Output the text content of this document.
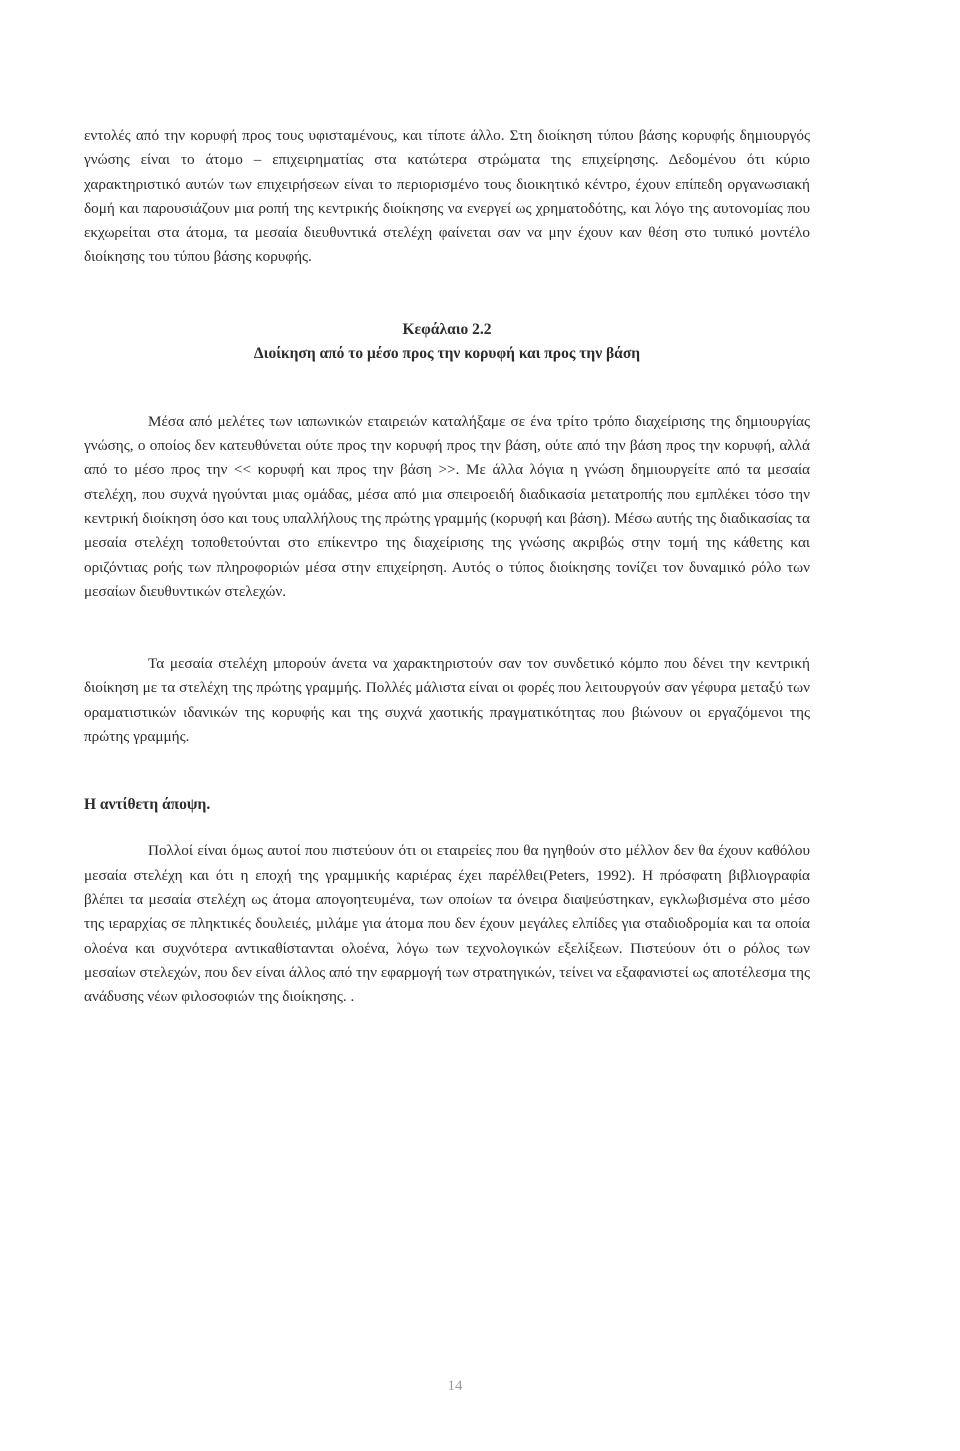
εντολές από την κορυφή προς τους υφισταμένους, και τίποτε άλλο. Στη διοίκηση τύπου βάσης κορυφής δημιουργός γνώσης είναι το άτομο – επιχειρηματίας στα κατώτερα στρώματα της επιχείρησης. Δεδομένου ότι κύριο χαρακτηριστικό αυτών των επιχειρήσεων είναι το περιορισμένο τους διοικητικό κέντρο, έχουν επίπεδη οργανωσιακή δομή και παρουσιάζουν μια ροπή της κεντρικής διοίκησης να ενεργεί ως χρηματοδότης, και λόγο της αυτονομίας που εκχωρείται στα άτομα, τα μεσαία διευθυντικά στελέχη φαίνεται σαν να μην έχουν καν θέση στο τυπικό μοντέλο διοίκησης του τύπου βάσης κορυφής.

Κεφάλαιο 2.2
Διοίκηση από το μέσο προς την κορυφή και προς την βάση

Μέσα από μελέτες των ιαπωνικών εταιρειών καταλήξαμε σε ένα τρίτο τρόπο διαχείρισης της δημιουργίας γνώσης, ο οποίος δεν κατευθύνεται ούτε προς την κορυφή προς την βάση, ούτε από την βάση προς την κορυφή, αλλά από το μέσο προς την << κορυφή και προς την βάση >>. Με άλλα λόγια η γνώση δημιουργείτε από τα μεσαία στελέχη, που συχνά ηγούνται μιας ομάδας, μέσα από μια σπειροειδή διαδικασία μετατροπής που εμπλέκει τόσο την κεντρική διοίκηση όσο και τους υπαλλήλους της πρώτης γραμμής (κορυφή και βάση). Μέσω αυτής της διαδικασίας τα μεσαία στελέχη τοποθετούνται στο επίκεντρο της διαχείρισης της γνώσης ακριβώς στην τομή της κάθετης και οριζόντιας ροής των πληροφοριών μέσα στην επιχείρηση. Αυτός ο τύπος διοίκησης τονίζει τον δυναμικό ρόλο των μεσαίων διευθυντικών στελεχών.

Τα μεσαία στελέχη μπορούν άνετα να χαρακτηριστούν σαν τον συνδετικό κόμπο που δένει την κεντρική διοίκηση με τα στελέχη της πρώτης γραμμής. Πολλές μάλιστα είναι οι φορές που λειτουργούν σαν γέφυρα μεταξύ των οραματιστικών ιδανικών της κορυφής και της συχνά χαοτικής πραγματικότητας που βιώνουν οι εργαζόμενοι της πρώτης γραμμής.

Η αντίθετη άποψη.

Πολλοί είναι όμως αυτοί που πιστεύουν ότι οι εταιρείες που θα ηγηθούν στο μέλλον δεν θα έχουν καθόλου μεσαία στελέχη και ότι η εποχή της γραμμικής καριέρας έχει παρέλθει(Peters, 1992). Η πρόσφατη βιβλιογραφία βλέπει τα μεσαία στελέχη ως άτομα απογοητευμένα, των οποίων τα όνειρα διαψεύστηκαν, εγκλωβισμένα στο μέσο της ιεραρχίας σε πληκτικές δουλειές, μιλάμε για άτομα που δεν έχουν μεγάλες ελπίδες για σταδιοδρομία και τα οποία ολοένα και συχνότερα αντικαθίστανται ολοένα, λόγω των τεχνολογικών εξελίξεων. Πιστεύουν ότι ο ρόλος των μεσαίων στελεχών, που δεν είναι άλλος από την εφαρμογή των στρατηγικών, τείνει να εξαφανιστεί ως αποτέλεσμα της ανάδυσης νέων φιλοσοφιών της διοίκησης. .

14
